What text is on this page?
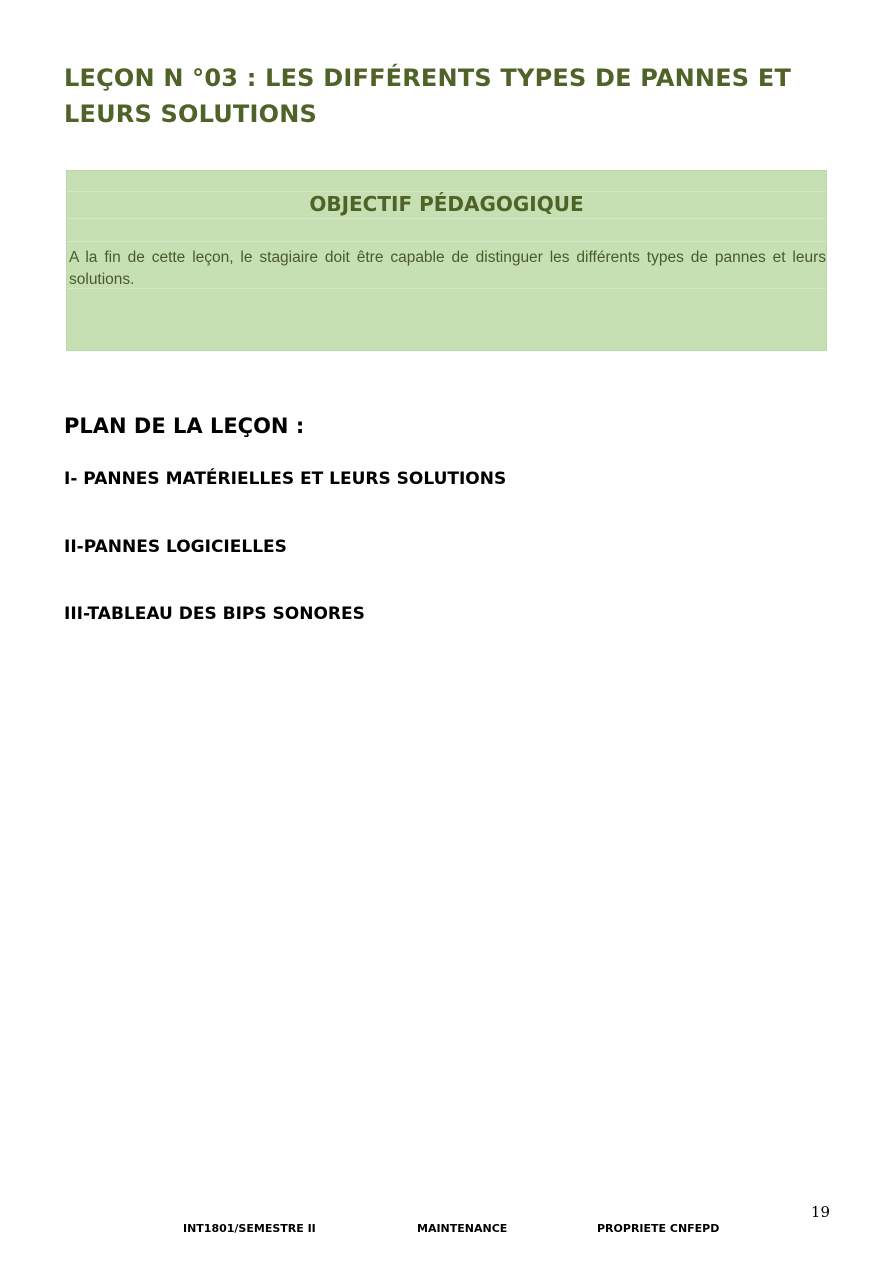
LEÇON N °03 : LES DIFFÉRENTS TYPES DE PANNES ET LEURS SOLUTIONS
OBJECTIF PÉDAGOGIQUE

A la fin de cette leçon, le stagiaire doit être capable de distinguer les différents types de pannes et leurs solutions.

PLAN DE LA LEÇON :

I- PANNES MATÉRIELLES ET LEURS SOLUTIONS

II-PANNES LOGICIELLES

III-TABLEAU DES BIPS SONORES

19
INT1801/SEMESTRE II	MAINTENANCE	PROPRIETE CNFEPD
